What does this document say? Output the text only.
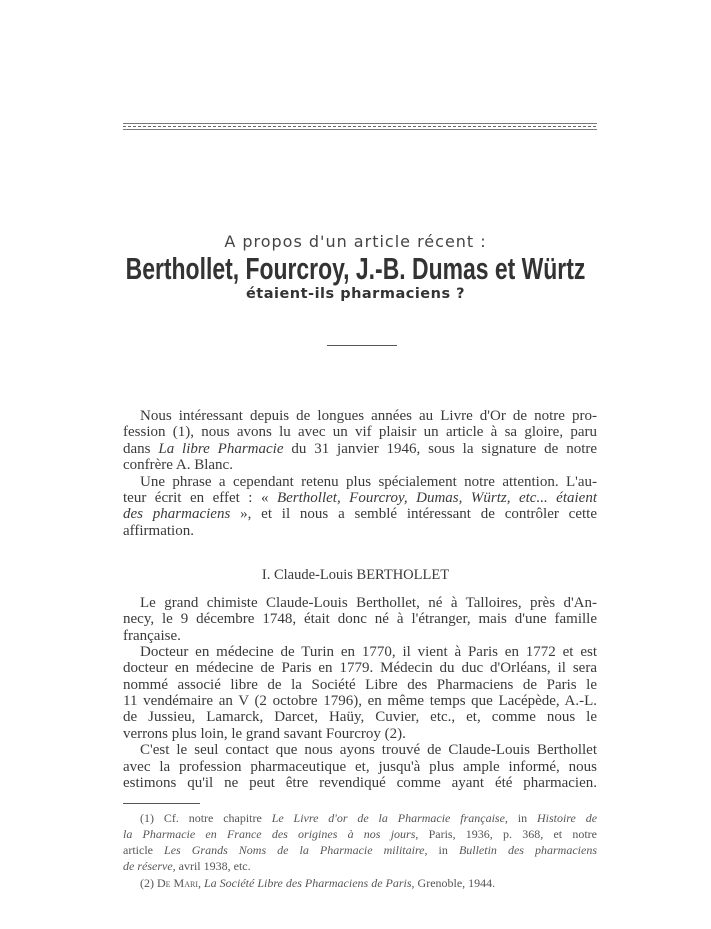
A propos d'un article récent :
Berthollet, Fourcroy, J.-B. Dumas et Würtz
étaient-ils pharmaciens ?
Nous intéressant depuis de longues années au Livre d'Or de notre pro-
fession (1), nous avons lu avec un vif plaisir un article à sa gloire, paru
dans La libre Pharmacie du 31 janvier 1946, sous la signature de notre
confrère A. Blanc.
Une phrase a cependant retenu plus spécialement notre attention. L'au-
teur écrit en effet : « Berthollet, Fourcroy, Dumas, Würtz, etc... étaient
des pharmaciens », et il nous a semblé intéressant de contrôler cette
affirmation.
I. Claude-Louis BERTHOLLET
Le grand chimiste Claude-Louis Berthollet, né à Talloires, près d'An-
necy, le 9 décembre 1748, était donc né à l'étranger, mais d'une famille
française.
Docteur en médecine de Turin en 1770, il vient à Paris en 1772 et est
docteur en médecine de Paris en 1779. Médecin du duc d'Orléans, il sera
nommé associé libre de la Société Libre des Pharmaciens de Paris le
11 vendémaire an V (2 octobre 1796), en même temps que Lacépède, A.-L.
de Jussieu, Lamarck, Darcet, Haüy, Cuvier, etc., et, comme nous le
verrons plus loin, le grand savant Fourcroy (2).
C'est le seul contact que nous ayons trouvé de Claude-Louis Berthollet
avec la profession pharmaceutique et, jusqu'à plus ample informé, nous
estimons qu'il ne peut être revendiqué comme ayant été pharmacien.
(1) Cf. notre chapitre Le Livre d'or de la Pharmacie française, in Histoire de
la Pharmacie en France des origines à nos jours, Paris, 1936, p. 368, et notre
article Les Grands Noms de la Pharmacie militaire, in Bulletin des pharmaciens
de réserve, avril 1938, etc.
(2) De Mari, La Société Libre des Pharmaciens de Paris, Grenoble, 1944.
